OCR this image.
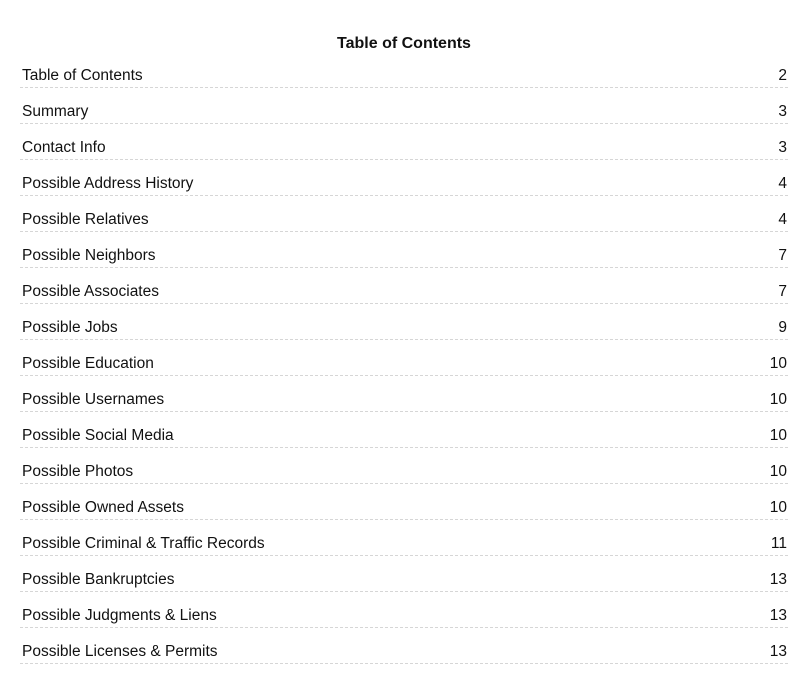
Table of Contents
Table of Contents	2
Summary	3
Contact Info	3
Possible Address History	4
Possible Relatives	4
Possible Neighbors	7
Possible Associates	7
Possible Jobs	9
Possible Education	10
Possible Usernames	10
Possible Social Media	10
Possible Photos	10
Possible Owned Assets	10
Possible Criminal & Traffic Records	11
Possible Bankruptcies	13
Possible Judgments & Liens	13
Possible Licenses & Permits	13
